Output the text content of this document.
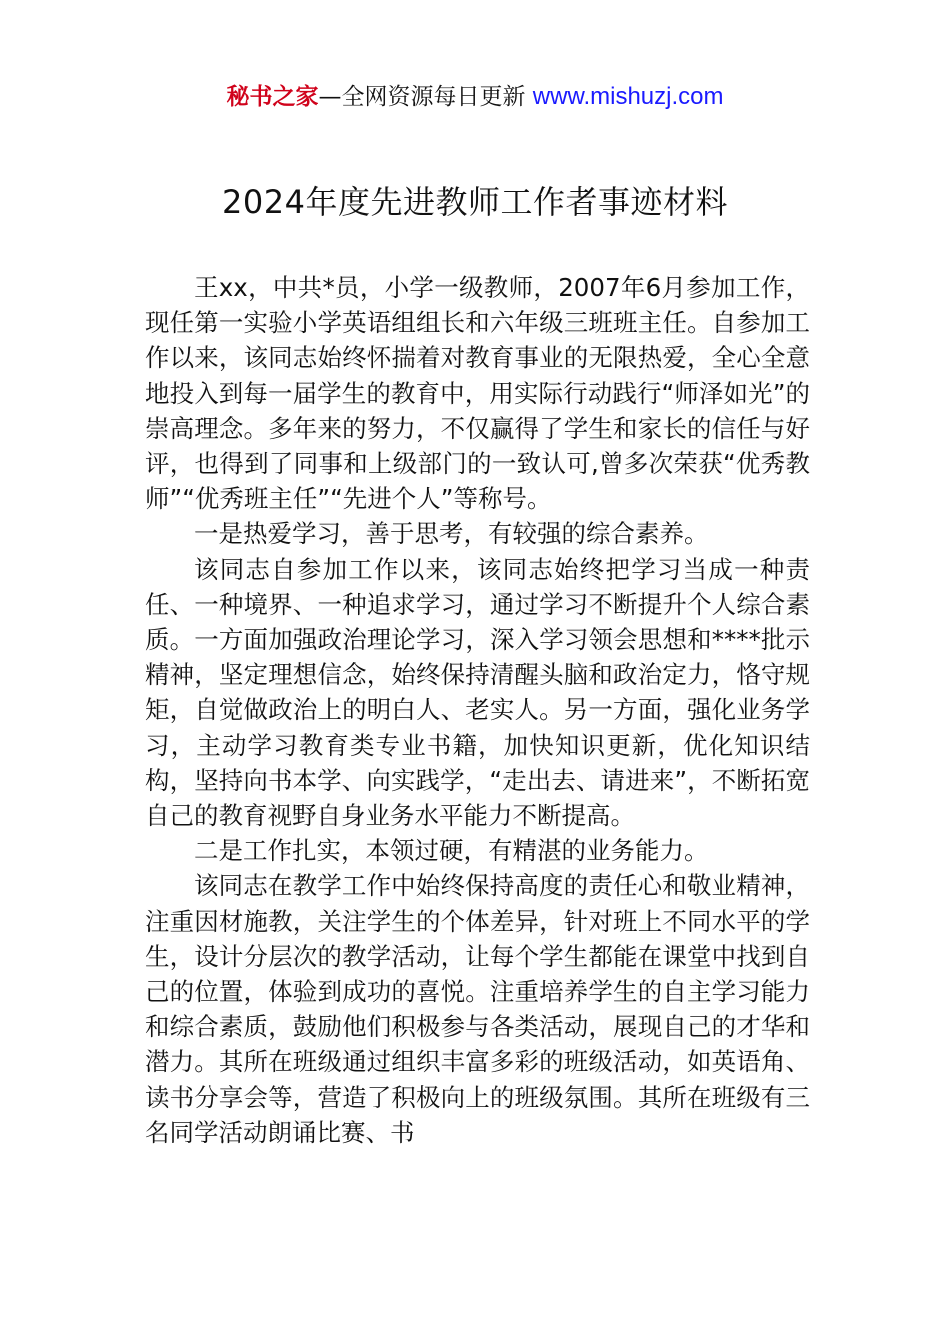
秘书之家—全网资源每日更新 www.mishuzj.com
2024年度先进教师工作者事迹材料

王xx，中共*员，小学一级教师，2007年6月参加工作，现任第一实验小学英语组组长和六年级三班班主任。自参加工作以来，该同志始终怀揣着对教育事业的无限热爱，全心全意地投入到每一届学生的教育中，用实际行动践行“师泽如光”的崇高理念。多年来的努力，不仅赢得了学生和家长的信任与好评，也得到了同事和上级部门的一致认可,曾多次荣获“优秀教师”“优秀班主任”“先进个人”等称号。

一是热爱学习，善于思考，有较强的综合素养。

该同志自参加工作以来，该同志始终把学习当成一种责任、一种境界、一种追求学习，通过学习不断提升个人综合素质。一方面加强政治理论学习，深入学习领会思想和****批示精神，坚定理想信念，始终保持清醒头脑和政治定力，恪守规矩，自觉做政治上的明白人、老实人。另一方面，强化业务学习，主动学习教育类专业书籍，加快知识更新，优化知识结构，坚持向书本学、向实践学，“走出去、请进来”，不断拓宽自己的教育视野自身业务水平能力不断提高。

二是工作扎实，本领过硬，有精湛的业务能力。

该同志在教学工作中始终保持高度的责任心和敬业精神，注重因材施教，关注学生的个体差异，针对班上不同水平的学生，设计分层次的教学活动，让每个学生都能在课堂中找到自己的位置，体验到成功的喜悦。注重培养学生的自主学习能力和综合素质，鼓励他们积极参与各类活动，展现自己的才华和潜力。其所在班级通过组织丰富多彩的班级活动，如英语角、读书分享会等，营造了积极向上的班级氛围。其所在班级有三名同学活动朗诵比赛、书
